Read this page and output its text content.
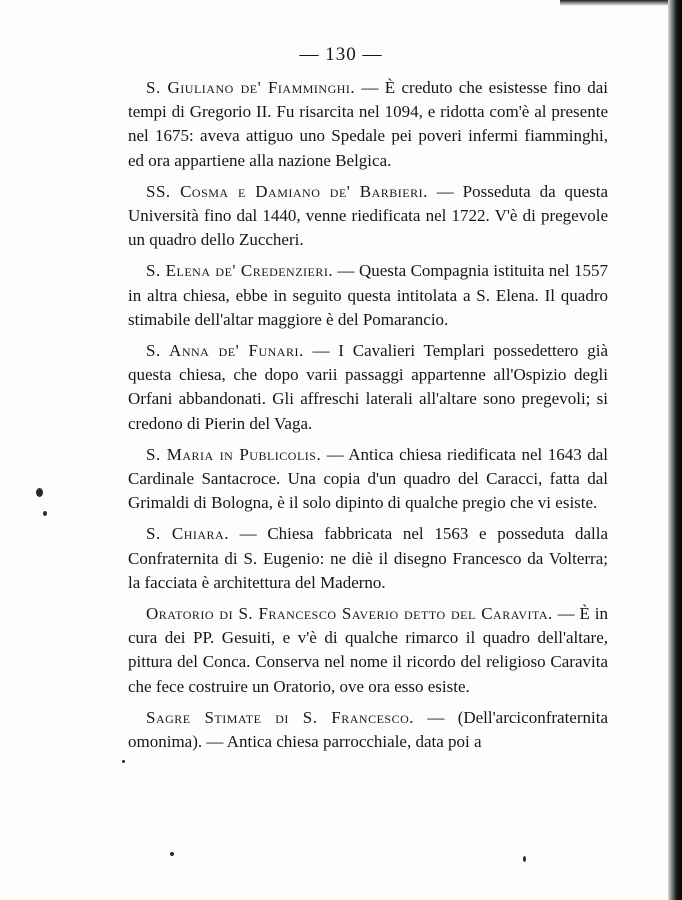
— 130 —

S. Giuliano de' Fiamminghi. — È creduto che esistesse fino dai tempi di Gregorio II. Fu risarcita nel 1094, e ridotta com'è al presente nel 1675: aveva attiguo uno Spedale pei poveri infermi fiamminghi, ed ora appartiene alla nazione Belgica.

SS. Cosma e Damiano de' Barbieri. — Posseduta da questa Università fino dal 1440, venne riedificata nel 1722. V'è di pregevole un quadro dello Zuccheri.

S. Elena de' Credenzieri. — Questa Compagnia istituita nel 1557 in altra chiesa, ebbe in seguito questa intitolata a S. Elena. Il quadro stimabile dell'altar maggiore è del Pomarancio.

S. Anna de' Funari. — I Cavalieri Templari possedettero già questa chiesa, che dopo varii passaggi appartenne all'Ospizio degli Orfani abbandonati. Gli affreschi laterali all'altare sono pregevoli; si credono di Pierin del Vaga.

S. Maria in Publicolis. — Antica chiesa riedificata nel 1643 dal Cardinale Santacroce. Una copia d'un quadro del Caracci, fatta dal Grimaldi di Bologna, è il solo dipinto di qualche pregio che vi esiste.

S. Chiara. — Chiesa fabbricata nel 1563 e posseduta dalla Confraternita di S. Eugenio: ne diè il disegno Francesco da Volterra; la facciata è architettura del Maderno.

Oratorio di S. Francesco Saverio detto del Caravita. — È in cura dei PP. Gesuiti, e v'è di qualche rimarco il quadro dell'altare, pittura del Conca. Conserva nel nome il ricordo del religioso Caravita che fece costruire un Oratorio, ove ora esso esiste.

Sagre Stimate di S. Francesco. — (Dell'arciconfraternita omonima). — Antica chiesa parrocchiale, data poi a
